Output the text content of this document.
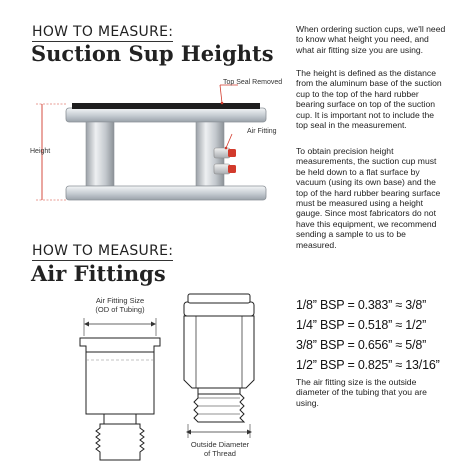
HOW TO MEASURE:
Suction Sup Heights
When ordering suction cups, we'll need to know what height you need, and what air fitting size you are using.
The height is defined as the distance from the aluminum base of the suction cup to the top of the hard rubber bearing surface on top of the suction cup. It is important not to include the top seal in the measurement.
To obtain precision height measurements, the suction cup must be held down to a flat surface by vacuum (using its own base) and the top of the hard rubber bearing surface must be measured using a height gauge. Since most fabricators do not have this equipment, we recommend sending a sample to us to be measured.
Top Seal Removed
Air Fitting
Height
HOW TO MEASURE:
Air Fittings
Air Fitting Size
(OD of Tubing)
Outside Diameter
of Thread
1/8” BSP = 0.383” ≈ 3/8”
1/4” BSP = 0.518” ≈ 1/2”
3/8” BSP = 0.656” ≈ 5/8”
1/2” BSP = 0.825” ≈ 13/16”
The air fitting size is the outside diameter of the tubing that you are using.
